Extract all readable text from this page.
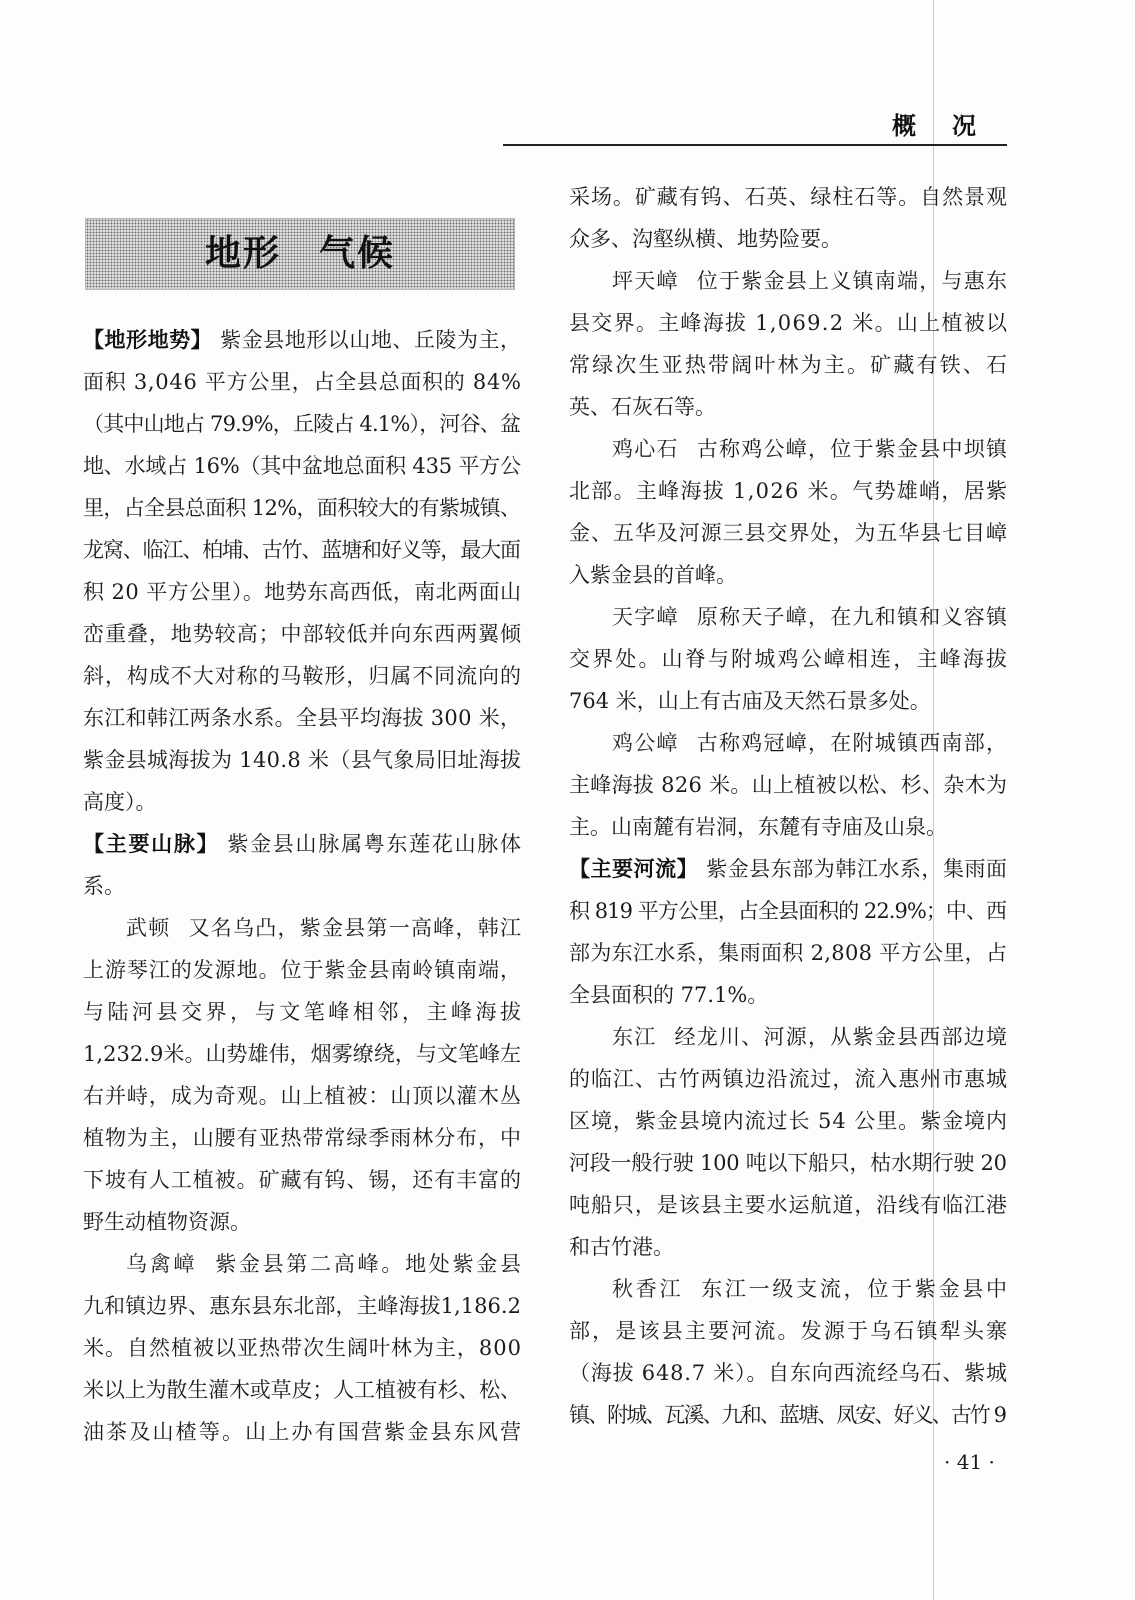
概　况
地形　气候
【地形地势】 紫金县地形以山地、丘陵为主，
面积 3,046 平方公里，占全县总面积的 84%
（其中山地占 79.9%，丘陵占 4.1%），河谷、盆
地、水域占 16%（其中盆地总面积 435 平方公
里，占全县总面积 12%，面积较大的有紫城镇、
龙窝、临江、柏埔、古竹、蓝塘和好义等，最大面
积 20 平方公里）。地势东高西低，南北两面山
峦重叠，地势较高；中部较低并向东西两翼倾
斜，构成不大对称的马鞍形，归属不同流向的
东江和韩江两条水系。全县平均海拔 300 米，
紫金县城海拔为 140.8 米（县气象局旧址海拔
高度）。
【主要山脉】 紫金县山脉属粤东莲花山脉体
系。
武顿 又名乌凸，紫金县第一高峰，韩江
上游琴江的发源地。位于紫金县南岭镇南端，
与陆河县交界，与文笔峰相邻，主峰海拔
1,232.9米。山势雄伟，烟雾缭绕，与文笔峰左
右并峙，成为奇观。山上植被：山顶以灌木丛
植物为主，山腰有亚热带常绿季雨林分布，中
下坡有人工植被。矿藏有钨、锡，还有丰富的
野生动植物资源。
乌禽嶂 紫金县第二高峰。地处紫金县
九和镇边界、惠东县东北部，主峰海拔1,186.2
米。自然植被以亚热带次生阔叶林为主，800
米以上为散生灌木或草皮；人工植被有杉、松、
油茶及山楂等。山上办有国营紫金县东风营
采场。矿藏有钨、石英、绿柱石等。自然景观
众多、沟壑纵横、地势险要。
坪天嶂 位于紫金县上义镇南端，与惠东
县交界。主峰海拔 1,069.2 米。山上植被以
常绿次生亚热带阔叶林为主。矿藏有铁、石
英、石灰石等。
鸡心石 古称鸡公嶂，位于紫金县中坝镇
北部。主峰海拔 1,026 米。气势雄峭，居紫
金、五华及河源三县交界处，为五华县七目嶂
入紫金县的首峰。
天字嶂 原称天子嶂，在九和镇和义容镇
交界处。山脊与附城鸡公嶂相连，主峰海拔
764 米，山上有古庙及天然石景多处。
鸡公嶂 古称鸡冠嶂，在附城镇西南部，
主峰海拔 826 米。山上植被以松、杉、杂木为
主。山南麓有岩洞，东麓有寺庙及山泉。
【主要河流】 紫金县东部为韩江水系，集雨面
积 819 平方公里，占全县面积的 22.9%；中、西
部为东江水系，集雨面积 2,808 平方公里，占
全县面积的 77.1%。
东江 经龙川、河源，从紫金县西部边境
的临江、古竹两镇边沿流过，流入惠州市惠城
区境，紫金县境内流过长 54 公里。紫金境内
河段一般行驶 100 吨以下船只，枯水期行驶 20
吨船只，是该县主要水运航道，沿线有临江港
和古竹港。
秋香江 东江一级支流，位于紫金县中
部，是该县主要河流。发源于乌石镇犁头寨
（海拔 648.7 米）。自东向西流经乌石、紫城
镇、附城、瓦溪、九和、蓝塘、凤安、好义、古竹 9
· 41 ·
